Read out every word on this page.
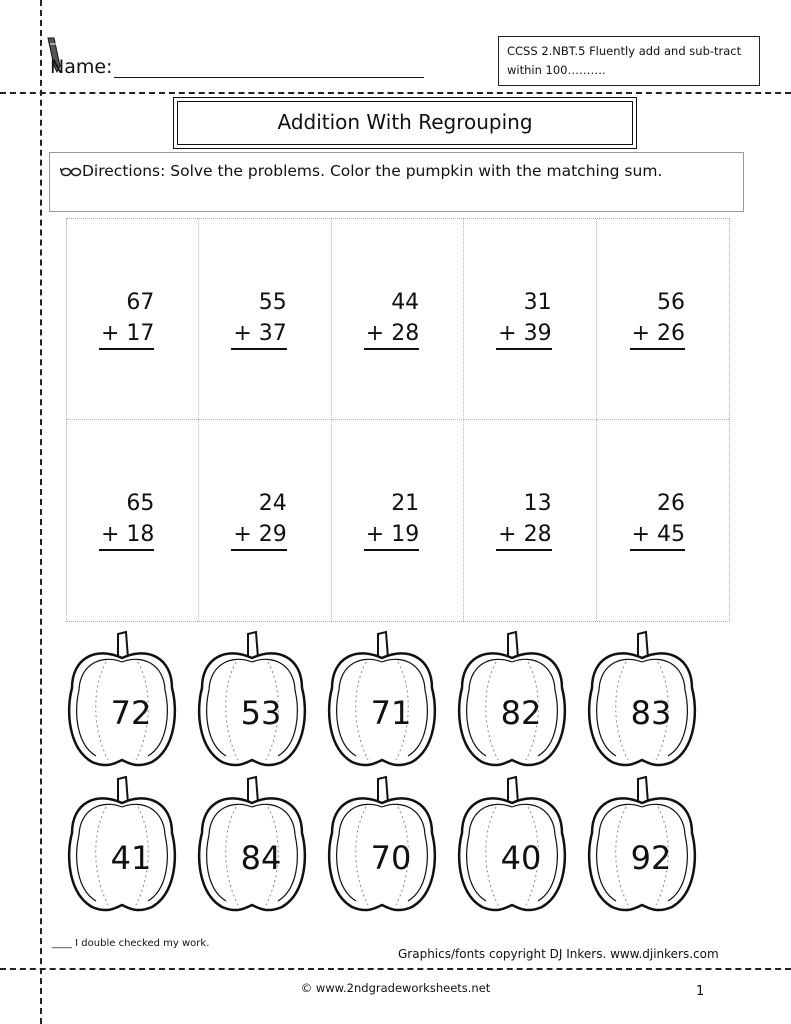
Name:
CCSS 2.NBT.5 Fluently add and sub-tract within 100……….
Addition With Regrouping
Directions: Solve the problems. Color the pumpkin with the matching sum.
67
+ 17
55
+ 37
44
+ 28
31
+ 39
56
+ 26
65
+ 18
24
+ 29
21
+ 19
13
+ 28
26
+ 45
72	53	71	82	83
41	84	70	40	92
____ I double checked my work.
Graphics/fonts copyright DJ Inkers. www.djinkers.com
© www.2ndgradeworksheets.net	1
